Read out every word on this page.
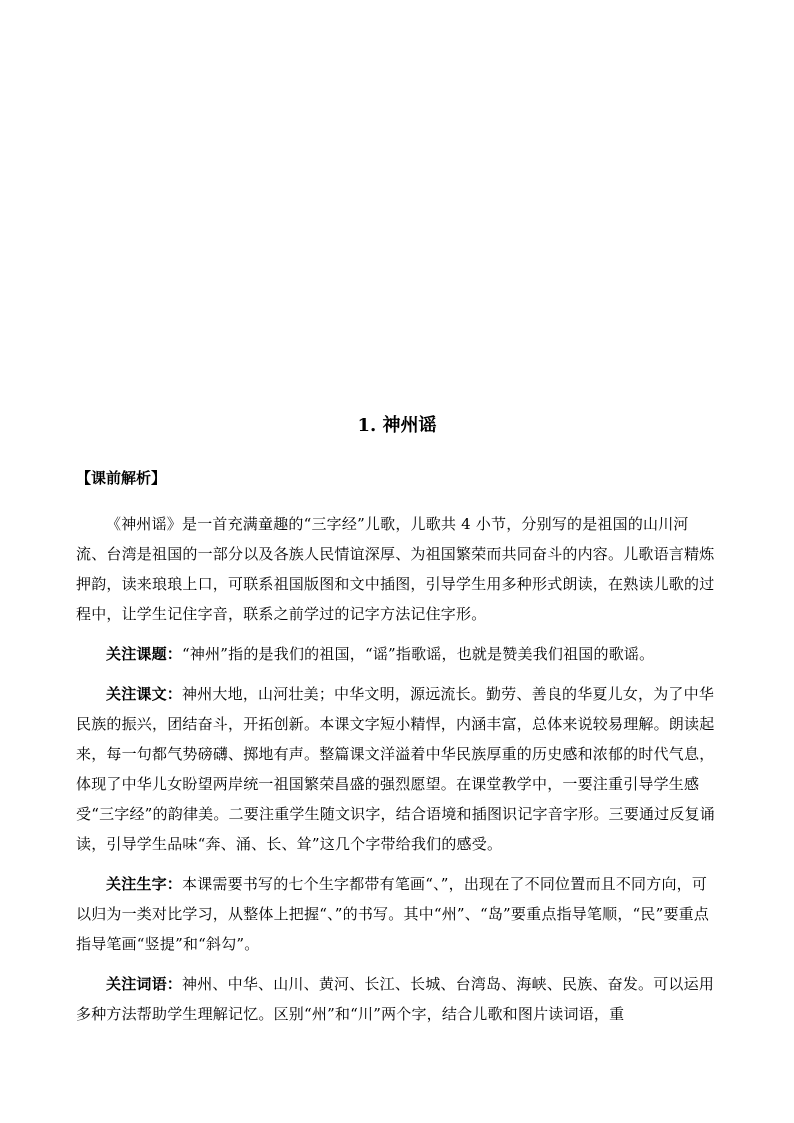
1. 神州谣
【课前解析】

《神州谣》是一首充满童趣的“三字经”儿歌，儿歌共 4 小节，分别写的是祖国的山川河流、台湾是祖国的一部分以及各族人民情谊深厚、为祖国繁荣而共同奋斗的内容。儿歌语言精炼押韵，读来琅琅上口，可联系祖国版图和文中插图，引导学生用多种形式朗读，在熟读儿歌的过程中，让学生记住字音，联系之前学过的记字方法记住字形。

关注课题：“神州”指的是我们的祖国，“谣”指歌谣，也就是赞美我们祖国的歌谣。

关注课文：神州大地，山河壮美；中华文明，源远流长。勤劳、善良的华夏儿女，为了中华民族的振兴，团结奋斗，开拓创新。本课文字短小精悍，内涵丰富，总体来说较易理解。朗读起来，每一句都气势磅礴、掷地有声。整篇课文洋溢着中华民族厚重的历史感和浓郁的时代气息，体现了中华儿女盼望两岸统一祖国繁荣昌盛的强烈愿望。在课堂教学中，一要注重引导学生感受“三字经”的韵律美。二要注重学生随文识字，结合语境和插图识记字音字形。三要通过反复诵读，引导学生品味“奔、涌、长、耸”这几个字带给我们的感受。

关注生字：本课需要书写的七个生字都带有笔画“、”，出现在了不同位置而且不同方向，可以归为一类对比学习，从整体上把握“、”的书写。其中“州”、“岛”要重点指导笔顺，“民”要重点指导笔画“竖提”和“斜勾”。

关注词语：神州、中华、山川、黄河、长江、长城、台湾岛、海峡、民族、奋发。可以运用多种方法帮助学生理解记忆。区别“州”和“川”两个字，结合儿歌和图片读词语，重
